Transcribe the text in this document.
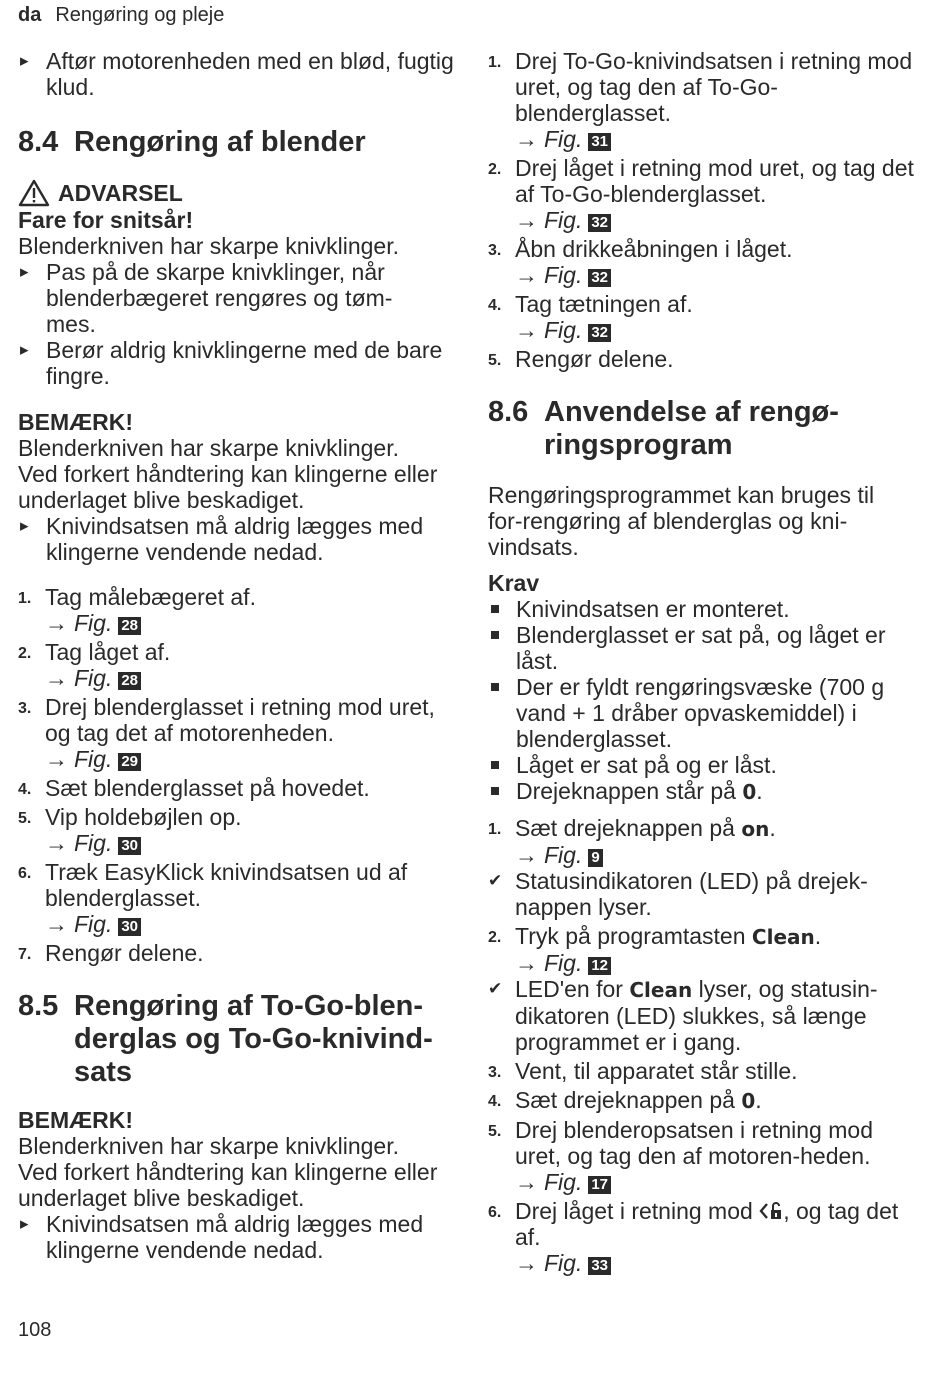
da Rengøring og pleje

▸ Aftør motorenheden med en blød, fugtig klud.

8.4 Rengøring af blender
ADVARSEL

Fare for snitsår!

Blenderkniven har skarpe knivklinger.

▸ Pas på de skarpe knivklinger, når blenderbægeret rengøres og tøm-mes.

▸ Berør aldrig knivklingerne med de bare fingre.

BEMÆRK!

Blenderkniven har skarpe knivklinger. Ved forkert håndtering kan klingerne eller underlaget blive beskadiget.

▸ Knivindsatsen må aldrig lægges med klingerne vendende nedad.

1. Tag målebægeret af.
→ Fig. 28
2. Tag låget af.
→ Fig. 28
3. Drej blenderglasset i retning mod uret, og tag det af motorenheden.
→ Fig. 29
4. Sæt blenderglasset på hovedet.
5. Vip holdebøjlen op.
→ Fig. 30
6. Træk EasyKlick knivindsatsen ud af blenderglasset.
→ Fig. 30
7. Rengør delene.
8.5 Rengøring af To-Go-blen-derglas og To-Go-knivind-sats

BEMÆRK!

Blenderkniven har skarpe knivklinger. Ved forkert håndtering kan klingerne eller underlaget blive beskadiget.

▸ Knivindsatsen må aldrig lægges med klingerne vendende nedad.

1. Drej To-Go-knivindsatsen i retning mod uret, og tag den af To-Go-blenderglasset.
→ Fig. 31
2. Drej låget i retning mod uret, og tag det af To-Go-blenderglasset.
→ Fig. 32
3. Åbn drikkeåbningen i låget.
→ Fig. 32
4. Tag tætningen af.
→ Fig. 32
5. Rengør delene.
8.6 Anvendelse af rengø-ringsprogram

Rengøringsprogrammet kan bruges til for-rengøring af blenderglas og kni-vindsats.

Krav

Knivindsatsen er monteret.
Blenderglasset er sat på, og låget er låst.
Der er fyldt rengøringsvæske (700 g vand + 1 dråber opvaskemiddel) i blenderglasset.
Låget er sat på og er låst.
Drejeknappen står på 0.
1. Sæt drejeknappen på on.
→ Fig. 9
✔ Statusindikatoren (LED) på drejek-nappen lyser.
2. Tryk på programtasten Clean.
→ Fig. 12
✔ LED'en for Clean lyser, og statusin-dikatoren (LED) slukkes, så længe programmet er i gang.
3. Vent, til apparatet står stille.
4. Sæt drejeknappen på 0.
5. Drej blenderopsatsen i retning mod uret, og tag den af motoren-heden.
→ Fig. 17
6. Drej låget i retning mod , og tag det af.
→ Fig. 33
108
